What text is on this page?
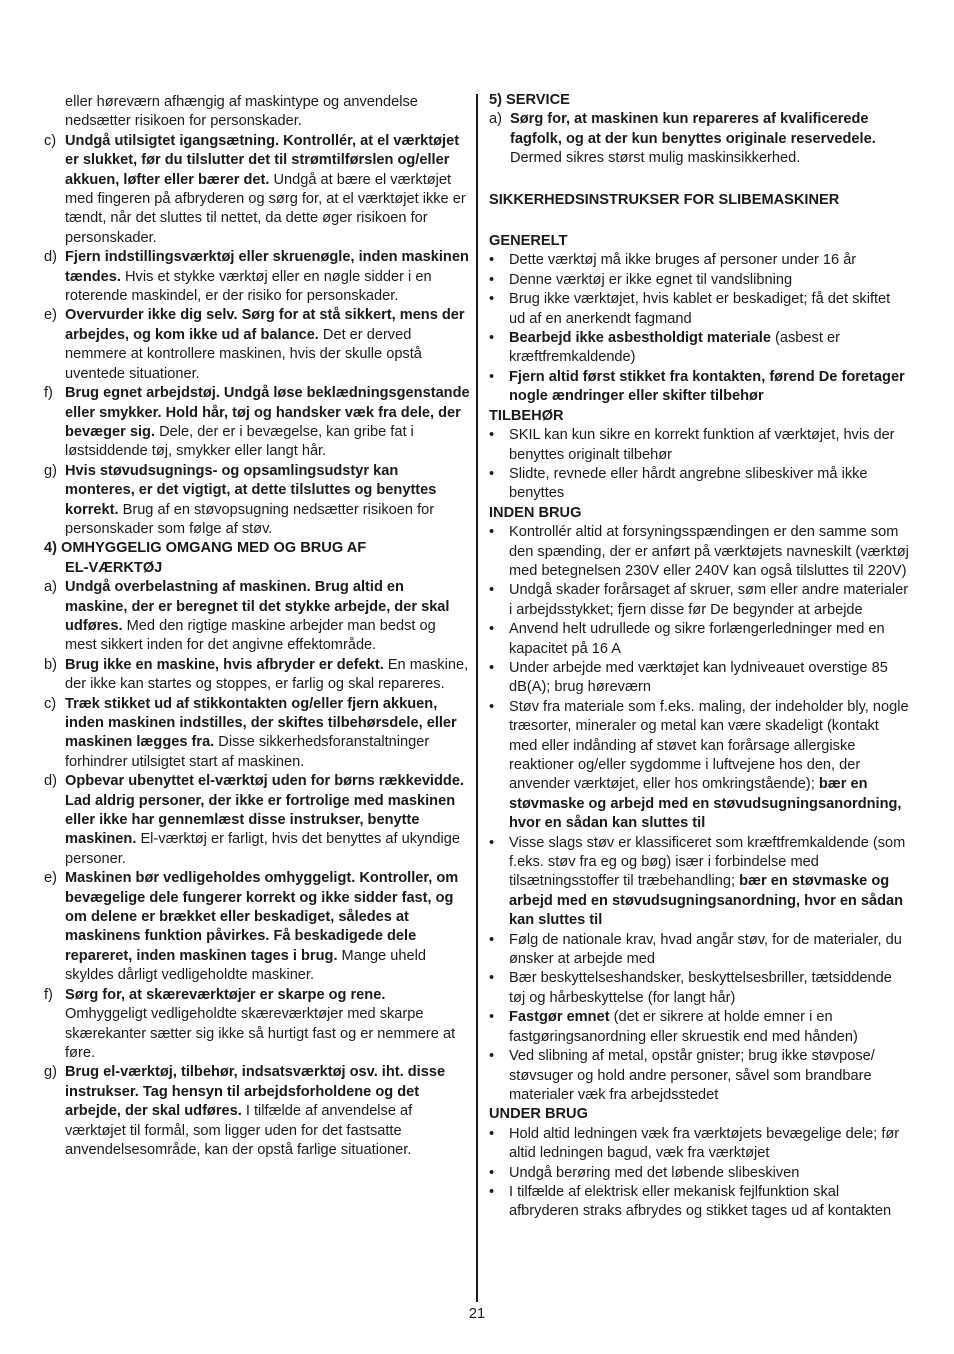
eller høreværn afhængig af maskintype og anvendelse nedsætter risikoen for personskader.

c) Undgå utilsigtet igangsætning. Kontrollér, at el værktøjet er slukket, før du tilslutter det til strømtilførslen og/eller akkuen, løfter eller bærer det. Undgå at bære el værktøjet med fingeren på afbryderen og sørg for, at el værktøjet ikke er tændt, når det sluttes til nettet, da dette øger risikoen for personskader.

d) Fjern indstillingsværktøj eller skruenøgle, inden maskinen tændes. Hvis et stykke værktøj eller en nøgle sidder i en roterende maskindel, er der risiko for personskader.

e) Overvurder ikke dig selv. Sørg for at stå sikkert, mens der arbejdes, og kom ikke ud af balance. Det er derved nemmere at kontrollere maskinen, hvis der skulle opstå uventede situationer.

f) Brug egnet arbejdstøj. Undgå løse beklædningsgenstande eller smykker. Hold hår, tøj og handsker væk fra dele, der bevæger sig. Dele, der er i bevægelse, kan gribe fat i løstsiddende tøj, smykker eller langt hår.

g) Hvis støvudsugnings- og opsamlingsudstyr kan monteres, er det vigtigt, at dette tilsluttes og benyttes korrekt. Brug af en støvopsugning nedsætter risikoen for personskader som følge af støv.

4) OMHYGGELIG OMGANG MED OG BRUG AF
EL-VÆRKTØJ

a) Undgå overbelastning af maskinen. Brug altid en maskine, der er beregnet til det stykke arbejde, der skal udføres. Med den rigtige maskine arbejder man bedst og mest sikkert inden for det angivne effektområde.

b) Brug ikke en maskine, hvis afbryder er defekt. En maskine, der ikke kan startes og stoppes, er farlig og skal repareres.

c) Træk stikket ud af stikkontakten og/eller fjern akkuen, inden maskinen indstilles, der skiftes tilbehørsdele, eller maskinen lægges fra. Disse sikkerhedsforanstaltninger forhindrer utilsigtet start af maskinen.

d) Opbevar ubenyttet el-værktøj uden for børns rækkevidde. Lad aldrig personer, der ikke er fortrolige med maskinen eller ikke har gennemlæst disse instrukser, benytte maskinen. El-værktøj er farligt, hvis det benyttes af ukyndige personer.

e) Maskinen bør vedligeholdes omhyggeligt. Kontroller, om bevægelige dele fungerer korrekt og ikke sidder fast, og om delene er brækket eller beskadiget, således at maskinens funktion påvirkes. Få beskadigede dele repareret, inden maskinen tages i brug. Mange uheld skyldes dårligt vedligeholdte maskiner.

f) Sørg for, at skæreværktøjer er skarpe og rene. Omhyggeligt vedligeholdte skæreværktøjer med skarpe skærekanter sætter sig ikke så hurtigt fast og er nemmere at føre.

g) Brug el-værktøj, tilbehør, indsatsværktøj osv. iht. disse instrukser. Tag hensyn til arbejdsforholdene og det arbejde, der skal udføres. I tilfælde af anvendelse af værktøjet til formål, som ligger uden for det fastsatte anvendelsesområde, kan der opstå farlige situationer.

5) SERVICE

a) Sørg for, at maskinen kun repareres af kvalificerede fagfolk, og at der kun benyttes originale reservedele. Dermed sikres størst mulig maskinsikkerhed.

SIKKERHEDSINSTRUKSER FOR SLIBEMASKINER

GENERELT

• Dette værktøj må ikke bruges af personer under 16 år

• Denne værktøj er ikke egnet til vandslibning

• Brug ikke værktøjet, hvis kablet er beskadiget; få det skiftet ud af en anerkendt fagmand

• Bearbejd ikke asbestholdigt materiale (asbest er kræftfremkaldende)

• Fjern altid først stikket fra kontakten, førend De foretager nogle ændringer eller skifter tilbehør

TILBEHØR

• SKIL kan kun sikre en korrekt funktion af værktøjet, hvis der benyttes originalt tilbehør

• Slidte, revnede eller hårdt angrebne slibeskiver må ikke benyttes

INDEN BRUG

• Kontrollér altid at forsyningsspændingen er den samme som den spænding, der er anført på værktøjets navneskilt (værktøj med betegnelsen 230V eller 240V kan også tilsluttes til 220V)

• Undgå skader forårsaget af skruer, søm eller andre materialer i arbejdsstykket; fjern disse før De begynder at arbejde

• Anvend helt udrullede og sikre forlængerledninger med en kapacitet på 16 A

• Under arbejde med værktøjet kan lydniveauet overstige 85 dB(A); brug høreværn

• Støv fra materiale som f.eks. maling, der indeholder bly, nogle træsorter, mineraler og metal kan være skadeligt (kontakt med eller indånding af støvet kan forårsage allergiske reaktioner og/eller sygdomme i luftvejene hos den, der anvender værktøjet, eller hos omkringstående); bær en støvmaske og arbejd med en støvudsugningsanordning, hvor en sådan kan sluttes til

• Visse slags støv er klassificeret som kræftfremkaldende (som f.eks. støv fra eg og bøg) især i forbindelse med tilsætningsstoffer til træbehandling; bær en støvmaske og arbejd med en støvudsugningsanordning, hvor en sådan kan sluttes til

• Følg de nationale krav, hvad angår støv, for de materialer, du ønsker at arbejde med

• Bær beskyttelseshandsker, beskyttelsesbriller, tætsiddende tøj og hårbeskyttelse (for langt hår)

• Fastgør emnet (det er sikrere at holde emner i en fastgøringsanordning eller skruestik end med hånden)

• Ved slibning af metal, opstår gnister; brug ikke støvpose/ støvsuger og hold andre personer, såvel som brandbare materialer væk fra arbejdsstedet

UNDER BRUG

• Hold altid ledningen væk fra værktøjets bevægelige dele; før altid ledningen bagud, væk fra værktøjet

• Undgå berøring med det løbende slibeskiven

• I tilfælde af elektrisk eller mekanisk fejlfunktion skal afbryderen straks afbrydes og stikket tages ud af kontakten

21
